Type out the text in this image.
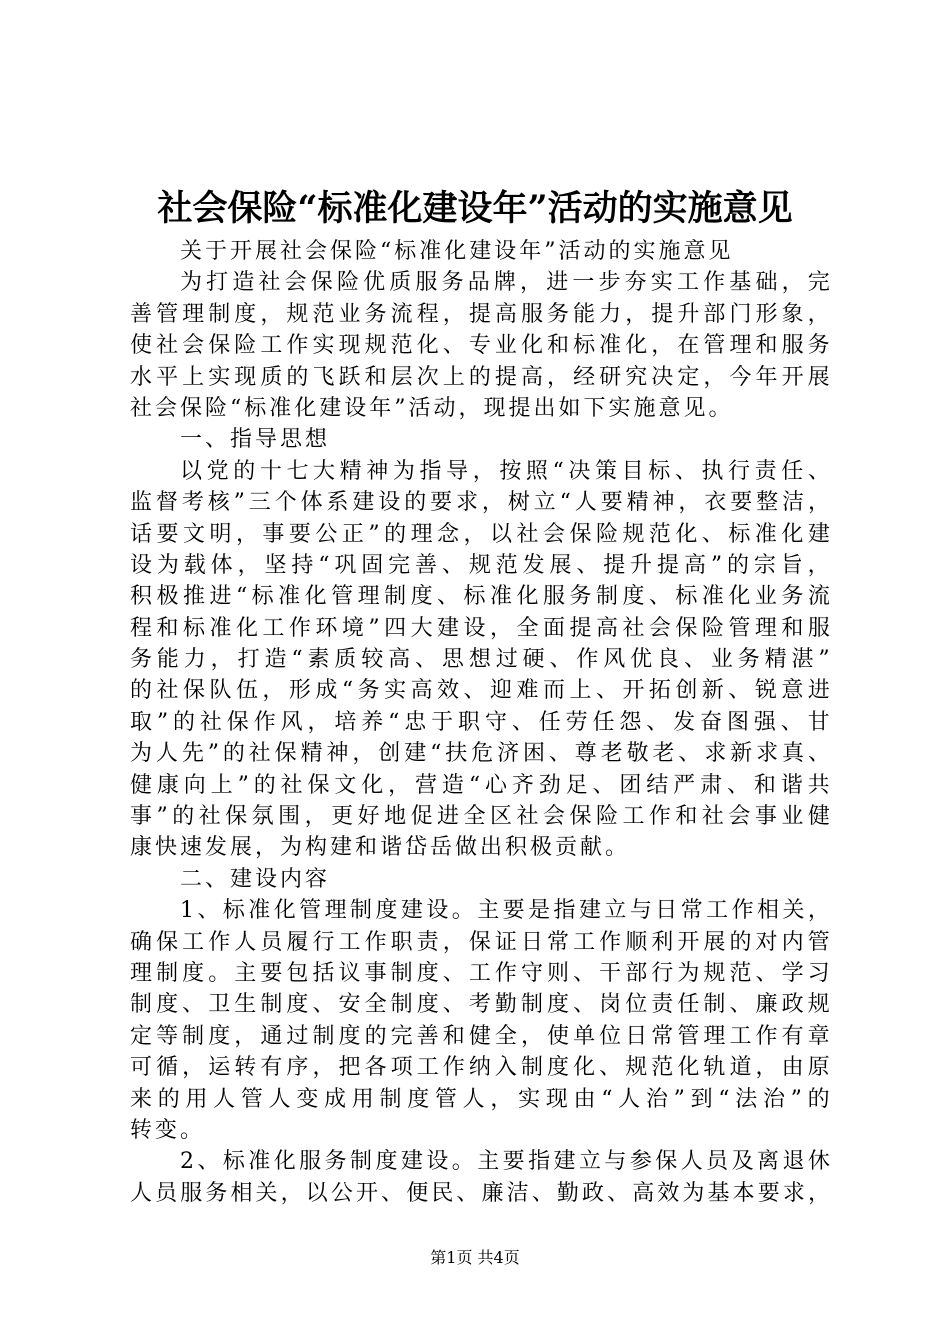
社会保险“标准化建设年”活动的实施意见
关于开展社会保险“标准化建设年”活动的实施意见
为 打 造 社 会 保 险 优 质 服 务 品 牌 ， 进 一 步 夯 实 工 作 基 础 ， 完
善 管 理 制 度 ， 规 范 业 务 流 程 ， 提 高 服 务 能 力 ， 提 升 部 门 形 象 ，
使 社 会 保 险 工 作 实 现 规 范 化 、 专 业 化 和 标 准 化 ， 在 管 理 和 服 务
水 平 上 实 现 质 的 飞 跃 和 层 次 上 的 提 高 ， 经 研 究 决 定 ， 今 年 开 展
社会保险“标准化建设年”活动，现提出如下实施意见。
一、指导思想
以 党 的 十 七 大 精 神 为 指 导 ， 按 照 “ 决 策 目 标 、 执 行 责 任 、
监 督 考 核 ” 三 个 体 系 建 设 的 要 求 ， 树 立 “ 人 要 精 神 ， 衣 要 整 洁 ，
话 要 文 明 ， 事 要 公 正 ” 的 理 念 ， 以 社 会 保 险 规 范 化 、 标 准 化 建
设 为 载 体 ， 坚 持 “ 巩 固 完 善 、 规 范 发 展 、 提 升 提 高 ” 的 宗 旨 ，
积 极 推 进 “ 标 准 化 管 理 制 度 、 标 准 化 服 务 制 度 、 标 准 化 业 务 流
程 和 标 准 化 工 作 环 境 ” 四 大 建 设 ， 全 面 提 高 社 会 保 险 管 理 和 服
务 能 力 ， 打 造 “ 素 质 较 高 、 思 想 过 硬 、 作 风 优 良 、 业 务 精 湛 ”
的 社 保 队 伍 ， 形 成 “ 务 实 高 效 、 迎 难 而 上 、 开 拓 创 新 、 锐 意 进
取 ” 的 社 保 作 风 ， 培 养 “ 忠 于 职 守 、 任 劳 任 怨 、 发 奋 图 强 、 甘
为 人 先 ” 的 社 保 精 神 ， 创 建 “ 扶 危 济 困 、 尊 老 敬 老 、 求 新 求 真 、
健 康 向 上 ” 的 社 保 文 化 ， 营 造 “ 心 齐 劲 足 、 团 结 严 肃 、 和 谐 共
事 ” 的 社 保 氛 围 ， 更 好 地 促 进 全 区 社 会 保 险 工 作 和 社 会 事 业 健
康快速发展，为构建和谐岱岳做出积极贡献。
二、建设内容
1 、 标 准 化 管 理 制 度 建 设 。 主 要 是 指 建 立 与 日 常 工 作 相 关 ，
确 保 工 作 人 员 履 行 工 作 职 责 ， 保 证 日 常 工 作 顺 利 开 展 的 对 内 管
理 制 度 。 主 要 包 括 议 事 制 度 、 工 作 守 则 、 干 部 行 为 规 范 、 学 习
制 度 、 卫 生 制 度 、 安 全 制 度 、 考 勤 制 度 、 岗 位 责 任 制 、 廉 政 规
定 等 制 度 ， 通 过 制 度 的 完 善 和 健 全 ， 使 单 位 日 常 管 理 工 作 有 章
可 循 ， 运 转 有 序 ， 把 各 项 工 作 纳 入 制 度 化 、 规 范 化 轨 道 ， 由 原
来 的 用 人 管 人 变 成 用 制 度 管 人 ， 实 现 由 “ 人 治 ” 到 “ 法 治 ” 的
转变。
2 、 标 准 化 服 务 制 度 建 设 。 主 要 指 建 立 与 参 保 人 员 及 离 退 休
人 员 服 务 相 关 ， 以 公 开 、 便 民 、 廉 洁 、 勤 政 、 高 效 为 基 本 要 求 ，
第1页 共4页
